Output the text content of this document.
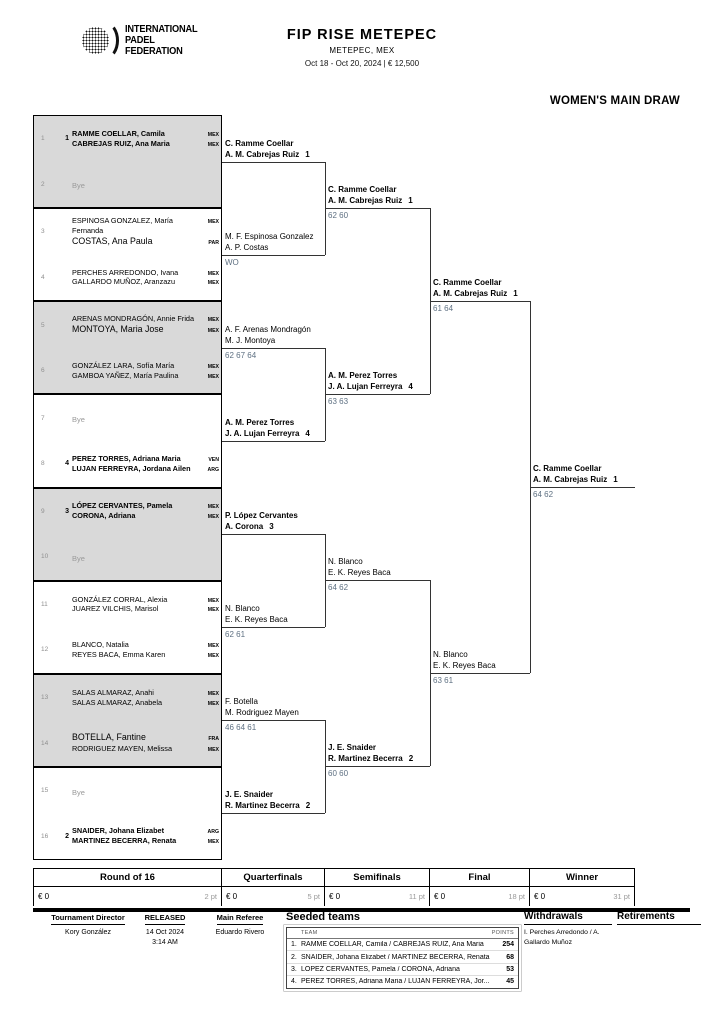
INTERNATIONAL
PADEL
FEDERATION
FIP RISE METEPEC
METEPEC, MEX
Oct 18 - Oct 20, 2024 | € 12,500
WOMEN'S MAIN DRAW
1	1
RAMME COELLAR, Camila	MEX
CABREJAS RUIZ, Ana Maria	MEX
2	Bye
3
ESPINOSA GONZALEZ, María Fernanda
MEX
COSTAS, Ana Paula	PAR
4
PERCHES ARREDONDO, Ivana	MEX
GALLARDO MUÑOZ, Aranzazu	MEX
5
ARENAS MONDRAGÓN, Annie Frida	MEX
MONTOYA, Maria Jose	MEX
6
GONZÁLEZ LARA, Sofía María	MEX
GAMBOA YAÑEZ, María Paulina	MEX
7	Bye
8	4
PEREZ TORRES, Adriana Maria	VEN
LUJAN FERREYRA, Jordana Ailen	ARG
9	3
LÓPEZ CERVANTES, Pamela	MEX
CORONA, Adriana	MEX
10	Bye
11
GONZÁLEZ CORRAL, Alexia	MEX
JUAREZ VILCHIS, Marisol	MEX
12
BLANCO, Natalia	MEX
REYES BACA, Emma Karen	MEX
13
SALAS ALMARAZ, Anahi	MEX
SALAS ALMARAZ, Anabela	MEX
14
BOTELLA, Fantine	FRA
RODRIGUEZ MAYEN, Melissa	MEX
15	Bye
16	2
SNAIDER, Johana Elizabet	ARG
MARTINEZ BECERRA, Renata	MEX
C. Ramme Coellar
A. M. Cabrejas Ruiz 1
M. F. Espinosa Gonzalez
A. P. Costas
WO
A. F. Arenas Mondragón
M. J. Montoya
62 67 64
A. M. Perez Torres
J. A. Lujan Ferreyra 4
P. López Cervantes
A. Corona 3
N. Blanco
E. K. Reyes Baca
62 61
F. Botella
M. Rodriguez Mayen
46 64 61
J. E. Snaider
R. Martinez Becerra 2
C. Ramme Coellar
A. M. Cabrejas Ruiz 1
62 60
A. M. Perez Torres
J. A. Lujan Ferreyra 4
63 63
N. Blanco
E. K. Reyes Baca
64 62
J. E. Snaider
R. Martinez Becerra 2
60 60
C. Ramme Coellar
A. M. Cabrejas Ruiz 1
61 64
N. Blanco
E. K. Reyes Baca
63 61
C. Ramme Coellar
A. M. Cabrejas Ruiz 1
64 62
Round of 16
€ 0	2 pt
Quarterfinals
€ 0	5 pt
Semifinals
€ 0	11 pt
Final
€ 0	18 pt
Winner
€ 0	31 pt
Tournament Director
Kory González
RELEASED
14 Oct 2024
3:14 AM
Main Referee
Eduardo Rivero
Seeded teams
TEAM	POINTS
1. RAMME COELLAR, Camila / CABREJAS RUIZ, Ana Maria	254
2. SNAIDER, Johana Elizabet / MARTINEZ BECERRA, Renata	68
3. LÓPEZ CERVANTES, Pamela / CORONA, Adriana	53
4. PEREZ TORRES, Adriana Maria / LUJAN FERREYRA, Jor...	45
Withdrawals
I. Perches Arredondo / A. Gallardo Muñoz
Retirements
